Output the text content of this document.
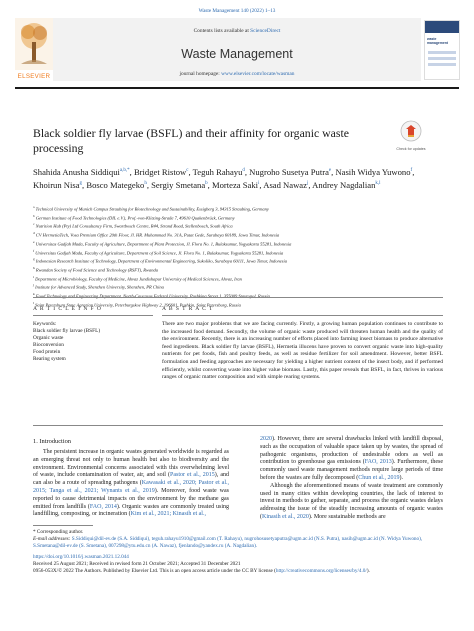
Waste Management 140 (2022) 1–13
ELSEVIER
Contents lists available at ScienceDirect
Waste Management
journal homepage: www.elsevier.com/locate/wasman
waste management
Black soldier fly larvae (BSFL) and their affinity for organic waste processing	Check for updates
Shahida Anusha Siddiqui$^{a,b,*}$, Bridget Ristow$^c$, Teguh Rahayu$^d$, Nugroho Susetya Putra$^e$, Nasih Widya Yuwono$^f$, Khoirun Nisa$^g$, Bosco Mategeko$^h$, Sergiy Smetana$^b$, Morteza Saki$^i$, Asad Nawaz$^j$, Andrey Nagdalian$^{k,l}$
$^a$ Technical University of Munich Campus Straubing for Biotechnology and Sustainability, Essigberg 3, 94315 Straubing, Germany
$^b$ German Institute of Food Technologies (DIL e.V.), Prof.-von-Klitzing-Straße 7, 49610 Quakenbrück, Germany
$^c$ Nutrition Hub (Pty) Ltd Consultancy Firm, Swartbosch Centre, R44, Strand Road, Stellenbosch, South Africa
$^d$ CV HermetiaTech, Vosa Premium Office 20th Floor, Jl. HR. Muhammad No. 31A, Putat Gede, Surabaya 60189, Jawa Timur, Indonesia
$^e$ Universitas Gadjah Mada, Faculty of Agriculture, Department of Plant Protection, Jl. Flora No. 1, Bulaksumur, Yogyakarta 55281, Indonesia
$^f$ Universitas Gadjah Mada, Faculty of Agriculture, Department of Soil Science, Jl. Flora No. 1, Bulaksumur, Yogyakarta 55281, Indonesia
$^g$ Indonesian Research Institute of Technology, Department of Environmental Engineering, Sukoliko, Surabaya 60111, Jawa Timur, Indonesia
$^h$ Rwandan Society of Food Science and Technology (RSFT), Rwanda
$^i$ Department of Microbiology, Faculty of Medicine, Ahvaz Jundishapur University of Medical Sciences, Ahvaz, Iran
$^j$ Institute for Advanced Study, Shenzhen University, Shenzhen, PR China
$^k$
$^l$ Saint Petersburg State Agrarian University, Peterburgskoe Highway 2, 196601, Pushkin, Saint Petersburg, Russia
A R T I C L E I N F O	A B S T R A C T
Keywords:
Black soldier fly larvae (BSFL)
Organic waste
Bioconversion
Food protein
Rearing system
There are two major problems that we are facing currently. Firstly, a growing human population continues to contribute to the increased food demand. Secondly, the volume of organic waste produced will threaten human health and the quality of the environment. Recently, there is an increasing number of efforts placed into farming insect biomass to produce alternative feed ingredients. Black soldier fly larvae (BSFL), Hermetia illucens have proven to convert organic waste into high-quality nutrients for pet foods, fish and poultry feeds, as well as residue fertilizer for soil amendment. However, better BSFL formulation and feeding approaches are necessary for yielding a higher nutrient content of the insect body, and if performed efficiently, whilst converting waste into higher value biomass. Lastly, this paper reveals that BSFL, in fact, thrives in various ranges of organic matter composition and with simple rearing systems.
1. Introduction

The persistent increase in organic wastes generated worldwide is regarded as an emerging threat not only to human health but also to biodiversity and the environment. Environmental concerns associated with this overwhelming level of waste, include contamination of water, air, and soil (Pastor et al., 2015), and can also be a route of spreading pathogens (Kawasaki et al., 2020; Pastor et al., 2015; Tanga et al., 2021; Wynants et al., 2019). Moreover, food waste was reported to cause detrimental impacts on the environment by the methane gas emitted from landfills (FAO, 2014). Organic wastes are commonly treated using landfilling, composting, or incineration (Kim et al., 2021; Kinasih et al.,

2020). However, there are several drawbacks linked with landfill disposal, such as the occupation of valuable space taken up by wastes, the spread of pathogenic organisms, production of undesirable odors as well as contribution to greenhouse gas emissions (FAO, 2013). Furthermore, these commonly used waste management methods require large periods of time before the wastes are fully decomposed (Chun et al., 2019).

Although the aforementioned means of waste treatment are commonly used in many cities within developing countries, the lack of interest to invest in methods to gather, separate, and process the organic wastes delays addressing the issue of the steadily increasing amounts of organic wastes (Kinasih et al., 2020). More sustainable methods are

* Corresponding author.
E-mail addresses: S.Siddiqui@dil-ev.de (S.A. Siddiqui), teguh.rahayu1910@gmail.com (T. Rahayu), nugrohosusetyaputra@ugm.ac.id (N.S. Putra), nasih@ugm.ac.id (N. Widya Yuwono), S.Smetana@dil-ev.de (S. Smetana), 007298@ytu.edu.cn (A. Nawaz), fjenlando@yandex.ru (A. Nagdalian).
https://doi.org/10.1016/j.wasman.2021.12.044
Received 25 August 2021; Received in revised form 21 October 2021; Accepted 31 December 2021
0956-053X/© 2022 The Authors. Published by Elsevier Ltd. This is an open access article under the CC BY license (http://creativecommons.org/licenses/by/4.0/).
